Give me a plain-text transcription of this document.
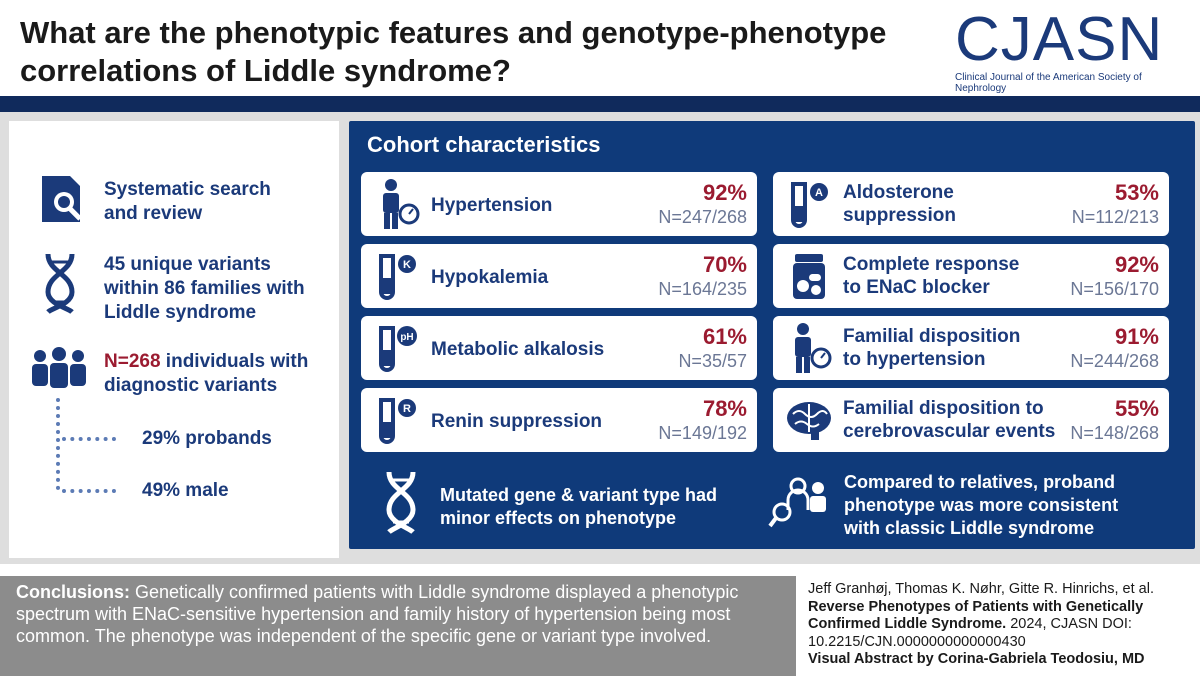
What are the phenotypic features and genotype-phenotype
correlations of Liddle syndrome?	CJASN
Clinical Journal of the American Society of Nephrology
Systematic search
and review
45 unique variants
within 86 families with
Liddle syndrome
N=268 individuals with
diagnostic variants
29% probands
49% male
Cohort characteristics
Hypertension
92%
N=247/268
A Aldosterone
suppression
53%
N=112/213
K
Hypokalemia
70%
N=164/235
Complete response
to ENaC blocker
92%
N=156/170
pH
Metabolic alkalosis
61%
N=35/57
Familial disposition
to hypertension
91%
N=244/268
R
Renin suppression
78%
N=149/192
Familial disposition to
cerebrovascular events
55%
N=148/268
Mutated gene & variant type had
minor effects on phenotype
Compared to relatives, proband
phenotype was more consistent
with classic Liddle syndrome
Conclusions: Genetically confirmed patients with Liddle syndrome displayed a phenotypic spectrum with ENaC-sensitive hypertension and family history of hypertension being most common. The phenotype was independent of the specific gene or variant type involved.
Jeff Granhøj, Thomas K. Nøhr, Gitte R. Hinrichs, et al.
Reverse Phenotypes of Patients with Genetically Confirmed Liddle Syndrome. 2024, CJASN DOI: 10.2215/CJN.0000000000000430
Visual Abstract by Corina-Gabriela Teodosiu, MD
